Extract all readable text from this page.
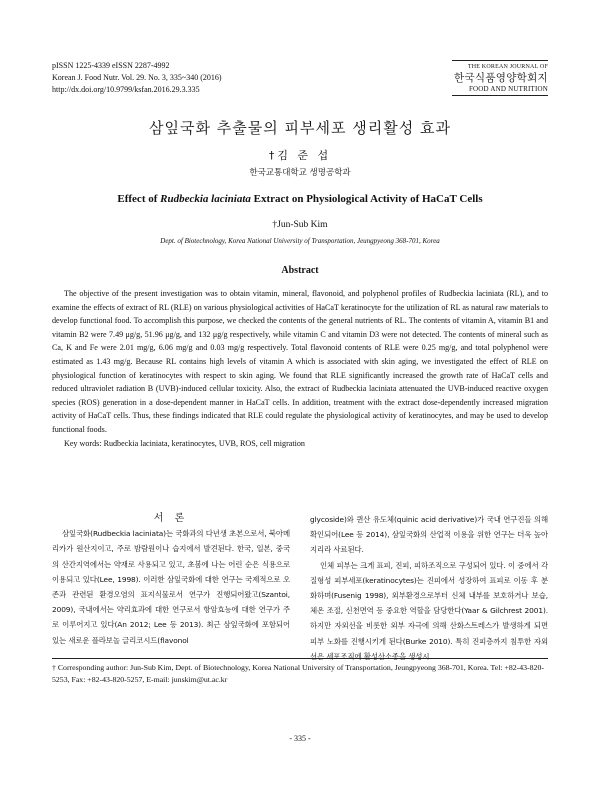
pISSN 1225-4339 eISSN 2287-4992
Korean J. Food Nutr. Vol. 29. No. 3, 335~340 (2016)
http://dx.doi.org/10.9799/ksfan.2016.29.3.335
THE KOREAN JOURNAL OF
한국식품영양학회지
FOOD AND NUTRITION
삼잎국화 추출물의 피부세포 생리활성 효과
†김 준 섭
한국교통대학교 생명공학과
Effect of Rudbeckia laciniata Extract on Physiological Activity of HaCaT Cells
†Jun-Sub Kim
Dept. of Biotechnology, Korea National University of Transportation, Jeungpyeong 368-701, Korea
Abstract

The objective of the present investigation was to obtain vitamin, mineral, flavonoid, and polyphenol profiles of Rudbeckia laciniata (RL), and to examine the effects of extract of RL (RLE) on various physiological activities of HaCaT keratinocyte for the utilization of RL as natural raw materials to develop functional food. To accomplish this purpose, we checked the contents of the general nutrients of RL. The contents of vitamin A, vitamin B1 and vitamin B2 were 7.49 μg/g, 51.96 μg/g, and 132 μg/g respectively, while vitamin C and vitamin D3 were not detected. The contents of mineral such as Ca, K and Fe were 2.01 mg/g, 6.06 mg/g and 0.03 mg/g respectively. Total flavonoid contents of RLE were 0.25 mg/g, and total polyphenol were estimated as 1.43 mg/g. Because RL contains high levels of vitamin A which is associated with skin aging, we investigated the effect of RLE on physiological function of keratinocytes with respect to skin aging. We found that RLE significantly increased the growth rate of HaCaT cells and reduced ultraviolet radiation B (UVB)-induced cellular toxicity. Also, the extract of Rudbeckia laciniata attenuated the UVB-induced reactive oxygen species (ROS) generation in a dose-dependent manner in HaCaT cells. In addition, treatment with the extract dose-dependently increased migration activity of HaCaT cells. Thus, these findings indicated that RLE could regulate the physiological activity of keratinocytes, and may be used to develop functional foods.

Key words: Rudbeckia laciniata, keratinocytes, UVB, ROS, cell migration

서 론

삼잎국화(Rudbeckia laciniata)는 국화과의 다년생 초본으로서, 북아메리카가 원산지이고, 주로 밤람원이나 습지에서 발견된다. 한국, 일본, 중국의 산간지역에서는 약재로 사용되고 있고, 초봄에 나는 어린 순은 식용으로 이용되고 있다(Lee, 1998). 이러한 삼잎국화에 대한 연구는 국제적으로 오존과 관련된 환경오염의 표지식물로서 연구가 진행되어왔고(Szantoi, 2009), 국내에서는 약리효과에 대한 연구로서 항암효능에 대한 연구가 주로 이루어지고 있다(An 2012; Lee 등 2013). 최근 삼잎국화에 포함되어 있는 새로운 플라보놀 글리코시드(flavonol

glycoside)와 퀸산 유도체(quinic acid derivative)가 국내 연구진들 의해 확인되어(Lee 등 2014), 삼잎국화의 산업적 이용을 위한 연구는 더욱 높아지리라 사료된다.

인체 피부는 크게 표피, 진피, 피하조직으로 구성되어 있다. 이 중에서 각질형성 피부세포(keratinocytes)는 진피에서 성장하여 표피로 이동 후 분화하며(Fusenig 1998), 외부환경으로부터 신체 내부를 보호하거나 보습, 체온 조절, 신천면역 등 중요한 역할을 담당한다(Yaar & Gilchrest 2001). 하지만 자외선을 비롯한 외부 자극에 의해 산화스트레스가 발생하게 되면 피부 노화를 진행시키게 된다(Burke 2010). 특히 진피층까지 침투한 자외선은 세포조직에 활성산소종을 생성시

† Corresponding author: Jun-Sub Kim, Dept. of Biotechnology, Korea National University of Transportation, Jeungpyeong 368-701, Korea. Tel: +82-43-820-5253, Fax: +82-43-820-5257, E-mail: junskim@ut.ac.kr
- 335 -
